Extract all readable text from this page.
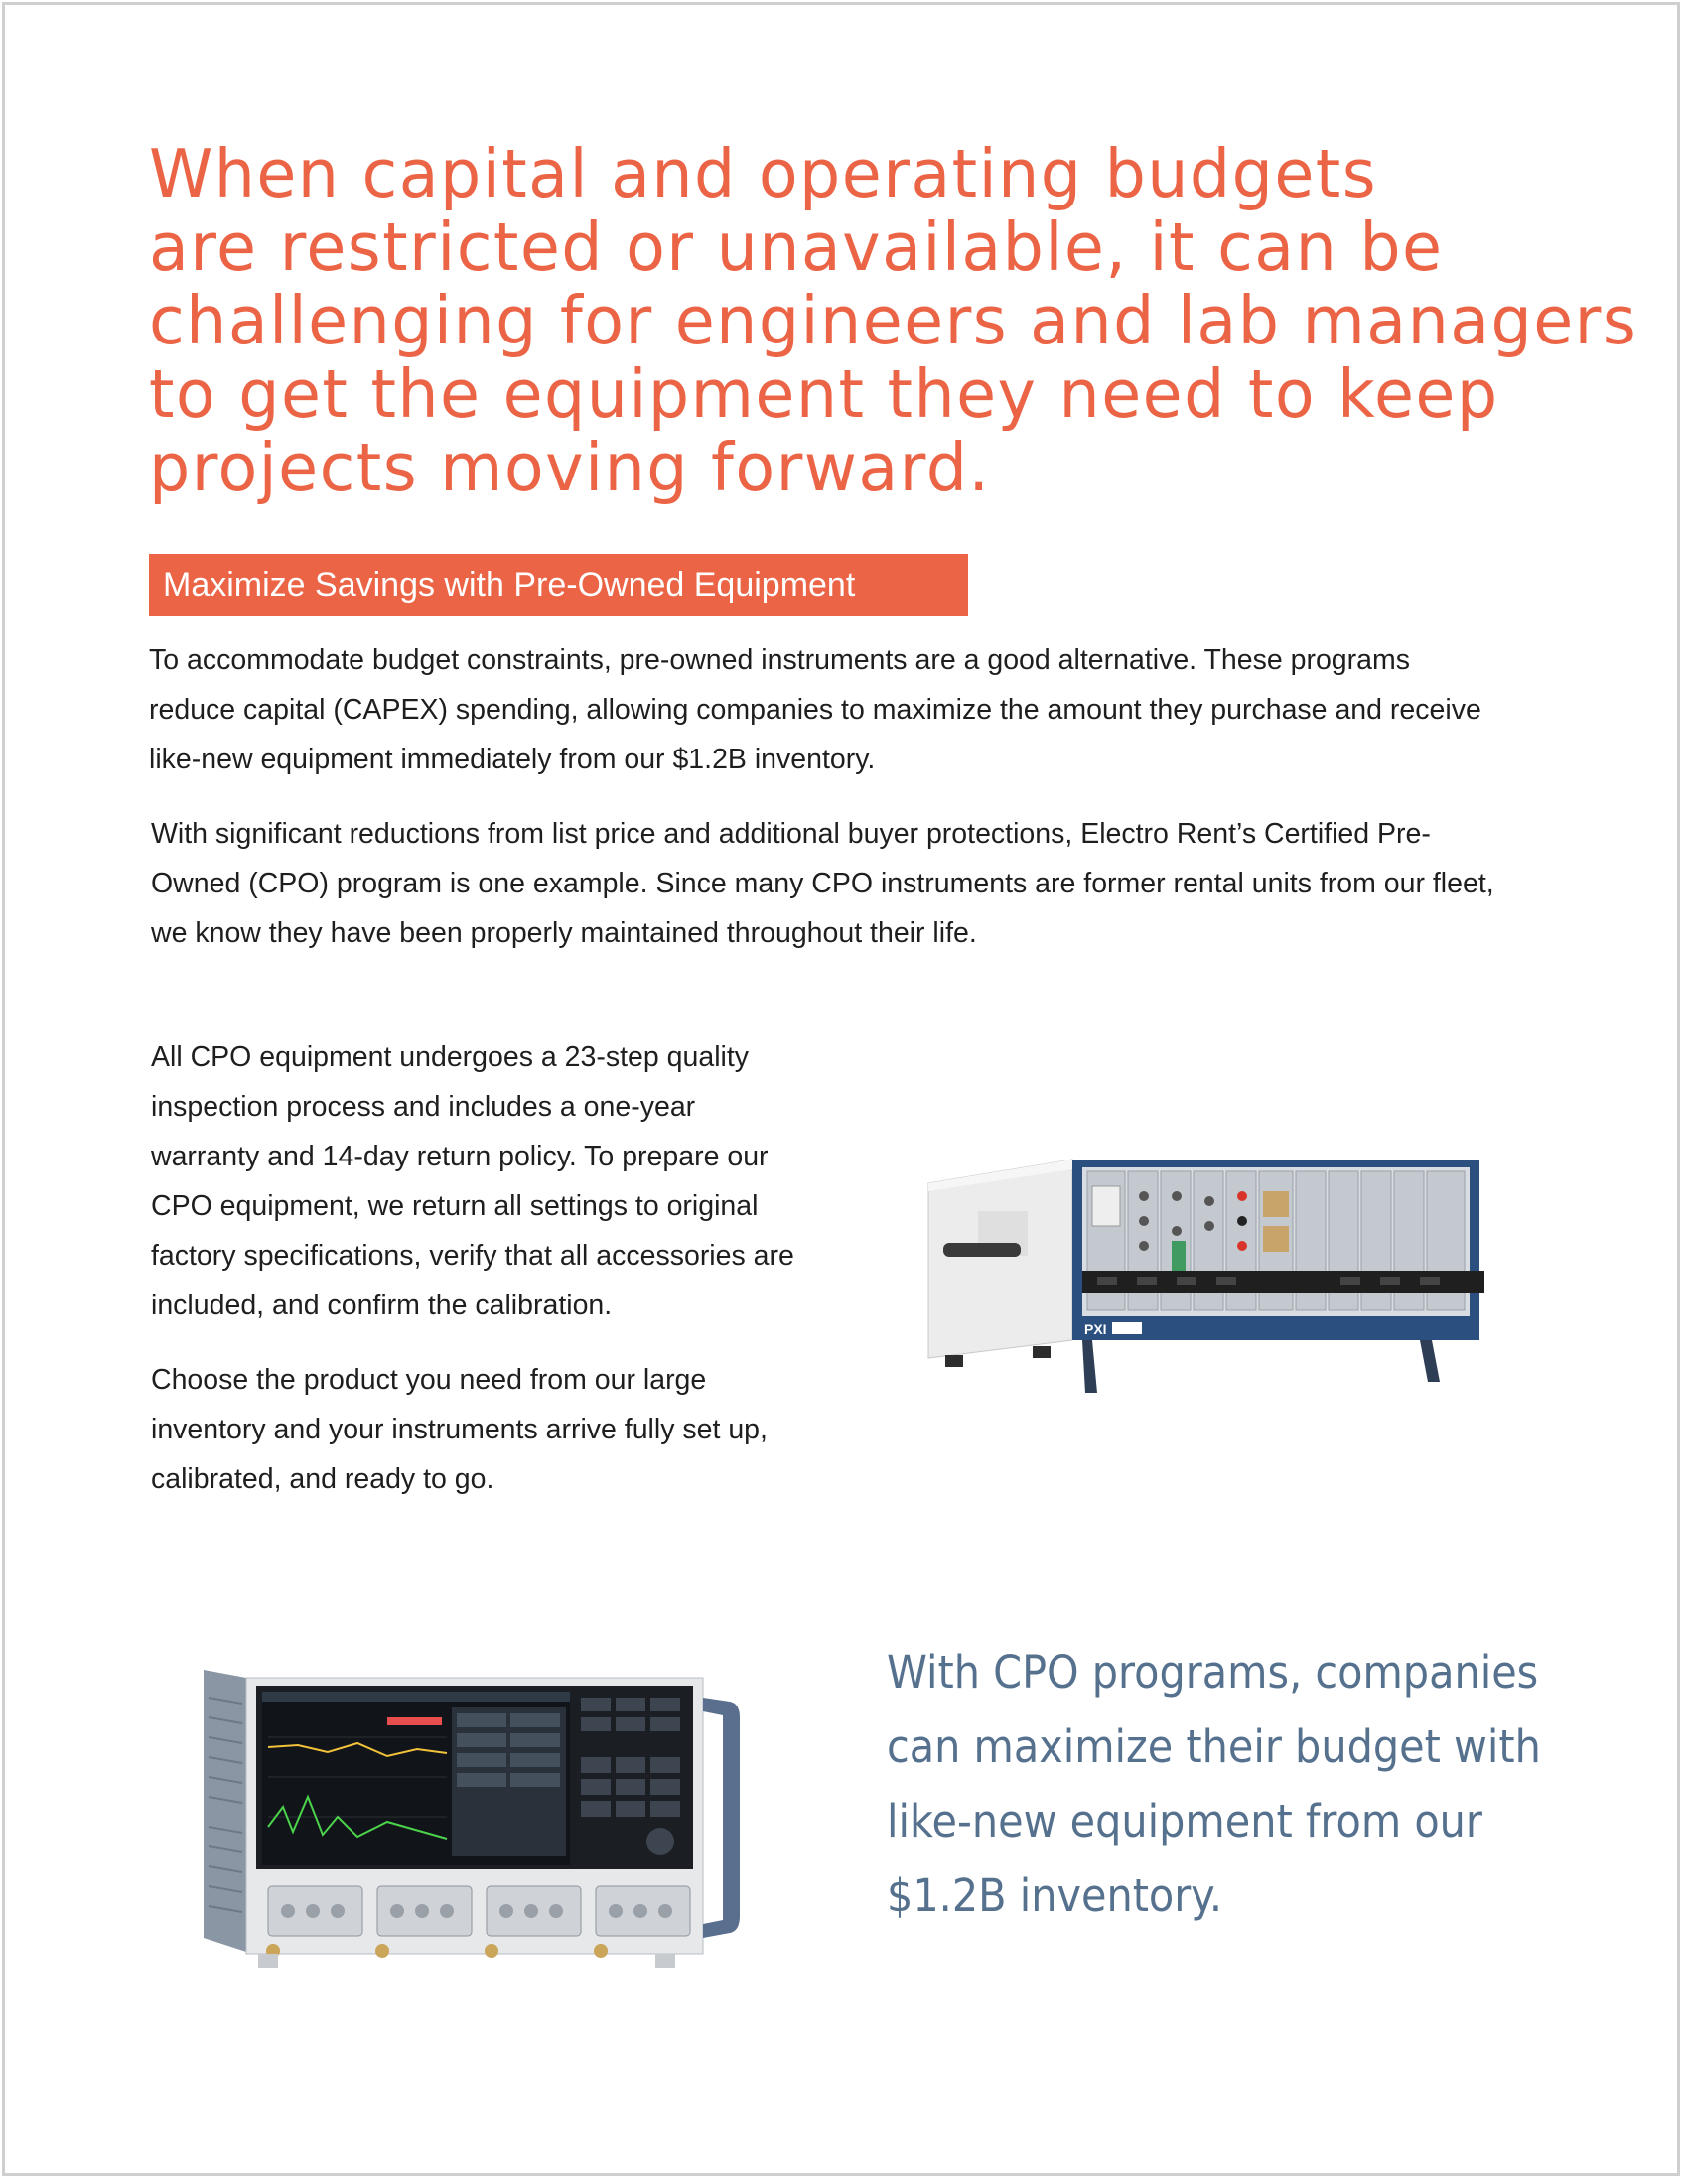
When capital and operating budgets
are restricted or unavailable, it can be
challenging for engineers and lab managers
to get the equipment they need to keep
projects moving forward.
Maximize Savings with Pre-Owned Equipment
To accommodate budget constraints, pre-owned instruments are a good alternative. These programs
reduce capital (CAPEX) spending, allowing companies to maximize the amount they purchase and receive
like-new equipment immediately from our $1.2B inventory.
With significant reductions from list price and additional buyer protections, Electro Rent’s Certified Pre-
Owned (CPO) program is one example. Since many CPO instruments are former rental units from our fleet,
we know they have been properly maintained throughout their life.
All CPO equipment undergoes a 23-step quality
inspection process and includes a one-year
warranty and 14-day return policy. To prepare our
CPO equipment, we return all settings to original
factory specifications, verify that all accessories are
included, and confirm the calibration.
Choose the product you need from our large
inventory and your instruments arrive fully set up,
calibrated, and ready to go.
PXI
With CPO programs, companies
can maximize their budget with
like-new equipment from our
$1.2B inventory.
